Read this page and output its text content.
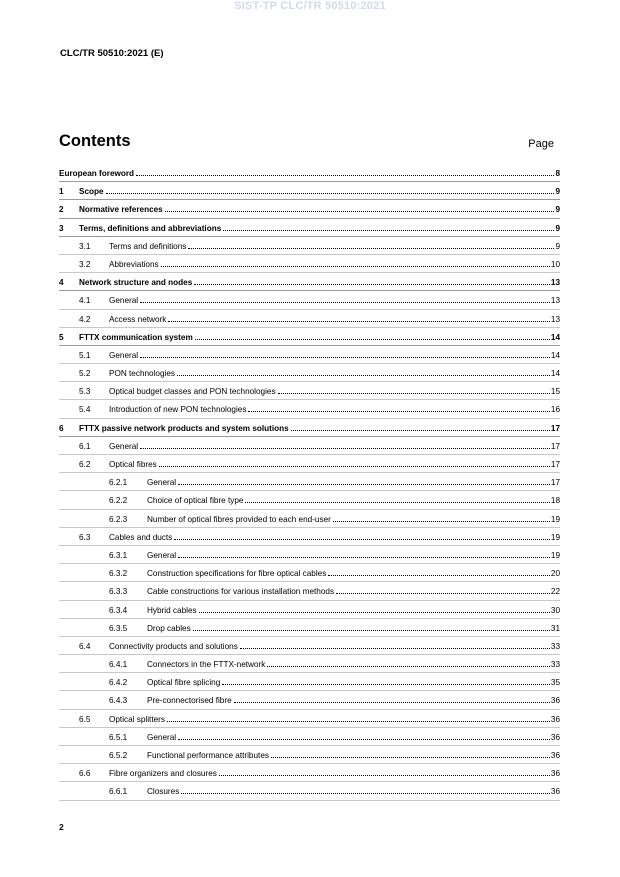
SIST-TP CLC/TR 50510:2021
CLC/TR 50510:2021 (E)
Contents	Page
European foreword	8
1 Scope	9
2 Normative references	9
3 Terms, definitions and abbreviations	9
3.1 Terms and definitions	9
3.2 Abbreviations	10
4 Network structure and nodes	13
4.1 General	13
4.2 Access network	13
5 FTTX communication system	14
5.1 General	14
5.2 PON technologies	14
5.3 Optical budget classes and PON technologies	15
5.4 Introduction of new PON technologies	16
6 FTTX passive network products and system solutions	17
6.1 General	17
6.2 Optical fibres	17
6.2.1 General	17
6.2.2 Choice of optical fibre type	18
6.2.3 Number of optical fibres provided to each end-user	19
6.3 Cables and ducts	19
6.3.1 General	19
6.3.2 Construction specifications for fibre optical cables	20
6.3.3 Cable constructions for various installation methods	22
6.3.4 Hybrid cables	30
6.3.5 Drop cables	31
6.4 Connectivity products and solutions	33
6.4.1 Connectors in the FTTX-network	33
6.4.2 Optical fibre splicing	35
6.4.3 Pre-connectorised fibre	36
6.5 Optical splitters	36
6.5.1 General	36
6.5.2 Functional performance attributes	36
6.6 Fibre organizers and closures	36
6.6.1 Closures	36
2
